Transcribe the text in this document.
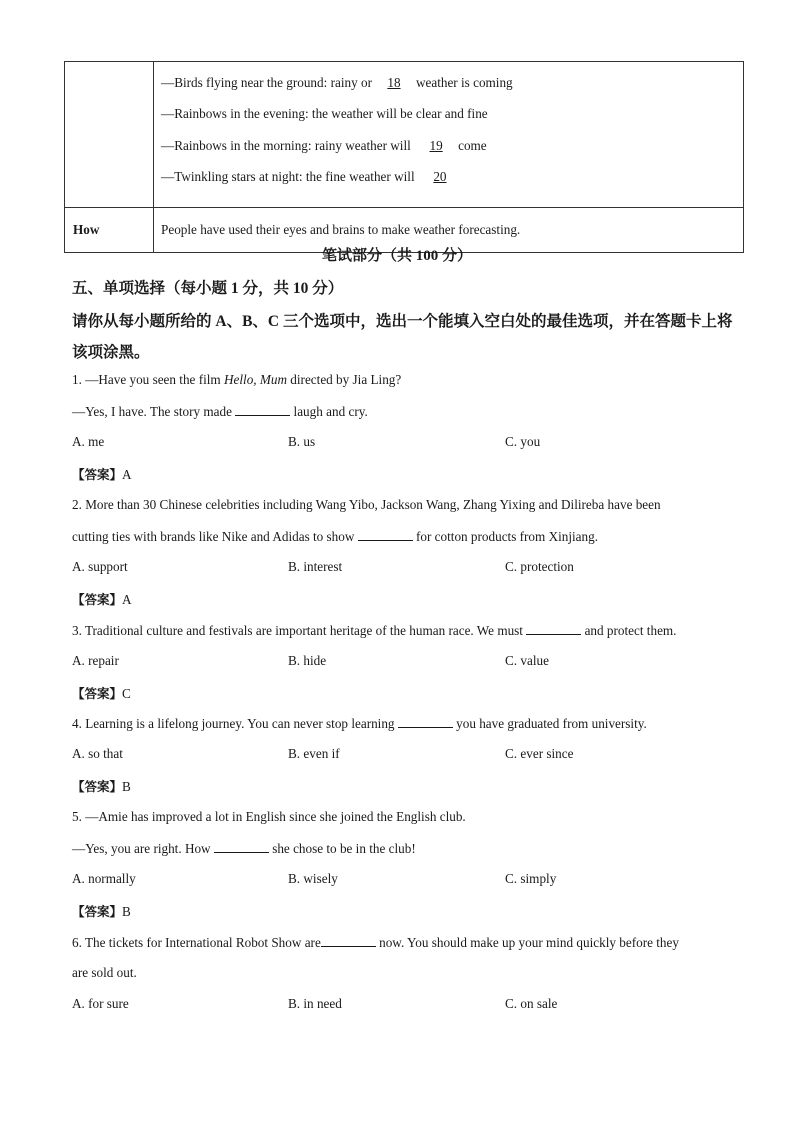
	—Birds flying near the ground: rainy or 18 weather is coming
—Rainbows in the evening: the weather will be clear and fine
—Rainbows in the morning: rainy weather will 19 come
—Twinkling stars at night: the fine weather will 20

How	People have used their eyes and brains to make weather forecasting.
笔试部分（共 100 分）
五、单项选择（每小题 1 分，共 10 分）
请你从每小题所给的 A、B、C 三个选项中，选出一个能填入空白处的最佳选项，并在答题卡上将该项涂黑。
1. —Have you seen the film Hello, Mum directed by Jia Ling?
—Yes, I have. The story made	laugh and cry.
A. me	B. us	C. you
【答案】A
2. More than 30 Chinese celebrities including Wang Yibo, Jackson Wang, Zhang Yixing and Dilireba have been
cutting ties with brands like Nike and Adidas to show	for cotton products from Xinjiang.
A. support	B. interest	C. protection
【答案】A
3. Traditional culture and festivals are important heritage of the human race. We must	and protect them.
A. repair	B. hide	C. value
【答案】C
4. Learning is a lifelong journey. You can never stop learning	you have graduated from university.
A. so that	B. even if	C. ever since
【答案】B
5. —Amie has improved a lot in English since she joined the English club.
—Yes, you are right. How	she chose to be in the club!
A. normally	B. wisely	C. simply
【答案】B
6. The tickets for International Robot Show are	now. You should make up your mind quickly before they
are sold out.
A. for sure	B. in need	C. on sale
